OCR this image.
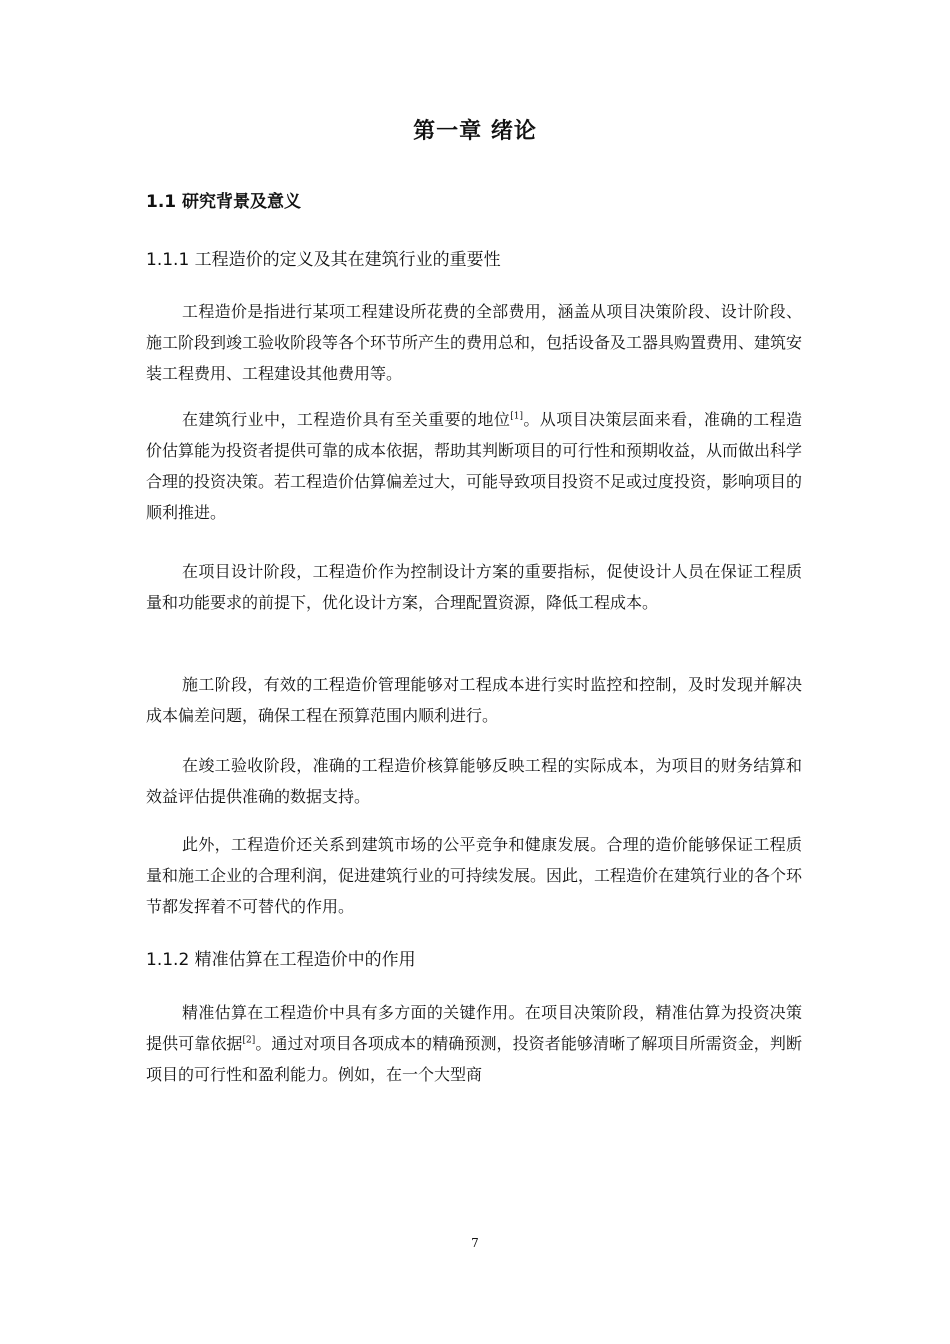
第一章 绪论
1.1 研究背景及意义
1.1.1 工程造价的定义及其在建筑行业的重要性

工程造价是指进行某项工程建设所花费的全部费用，涵盖从项目决策阶段、设计阶段、施工阶段到竣工验收阶段等各个环节所产生的费用总和，包括设备及工器具购置费用、建筑安装工程费用、工程建设其他费用等。

在建筑行业中，工程造价具有至关重要的地位[1]。从项目决策层面来看，准确的工程造价估算能为投资者提供可靠的成本依据，帮助其判断项目的可行性和预期收益，从而做出科学合理的投资决策。若工程造价估算偏差过大，可能导致项目投资不足或过度投资，影响项目的顺利推进。

在项目设计阶段，工程造价作为控制设计方案的重要指标，促使设计人员在保证工程质量和功能要求的前提下，优化设计方案，合理配置资源，降低工程成本。

施工阶段，有效的工程造价管理能够对工程成本进行实时监控和控制，及时发现并解决成本偏差问题，确保工程在预算范围内顺利进行。

在竣工验收阶段，准确的工程造价核算能够反映工程的实际成本，为项目的财务结算和效益评估提供准确的数据支持。

此外，工程造价还关系到建筑市场的公平竞争和健康发展。合理的造价能够保证工程质量和施工企业的合理利润，促进建筑行业的可持续发展。因此，工程造价在建筑行业的各个环节都发挥着不可替代的作用。

1.1.2 精准估算在工程造价中的作用

精准估算在工程造价中具有多方面的关键作用。在项目决策阶段，精准估算为投资决策提供可靠依据[2]。通过对项目各项成本的精确预测，投资者能够清晰了解项目所需资金，判断项目的可行性和盈利能力。例如，在一个大型商

7
